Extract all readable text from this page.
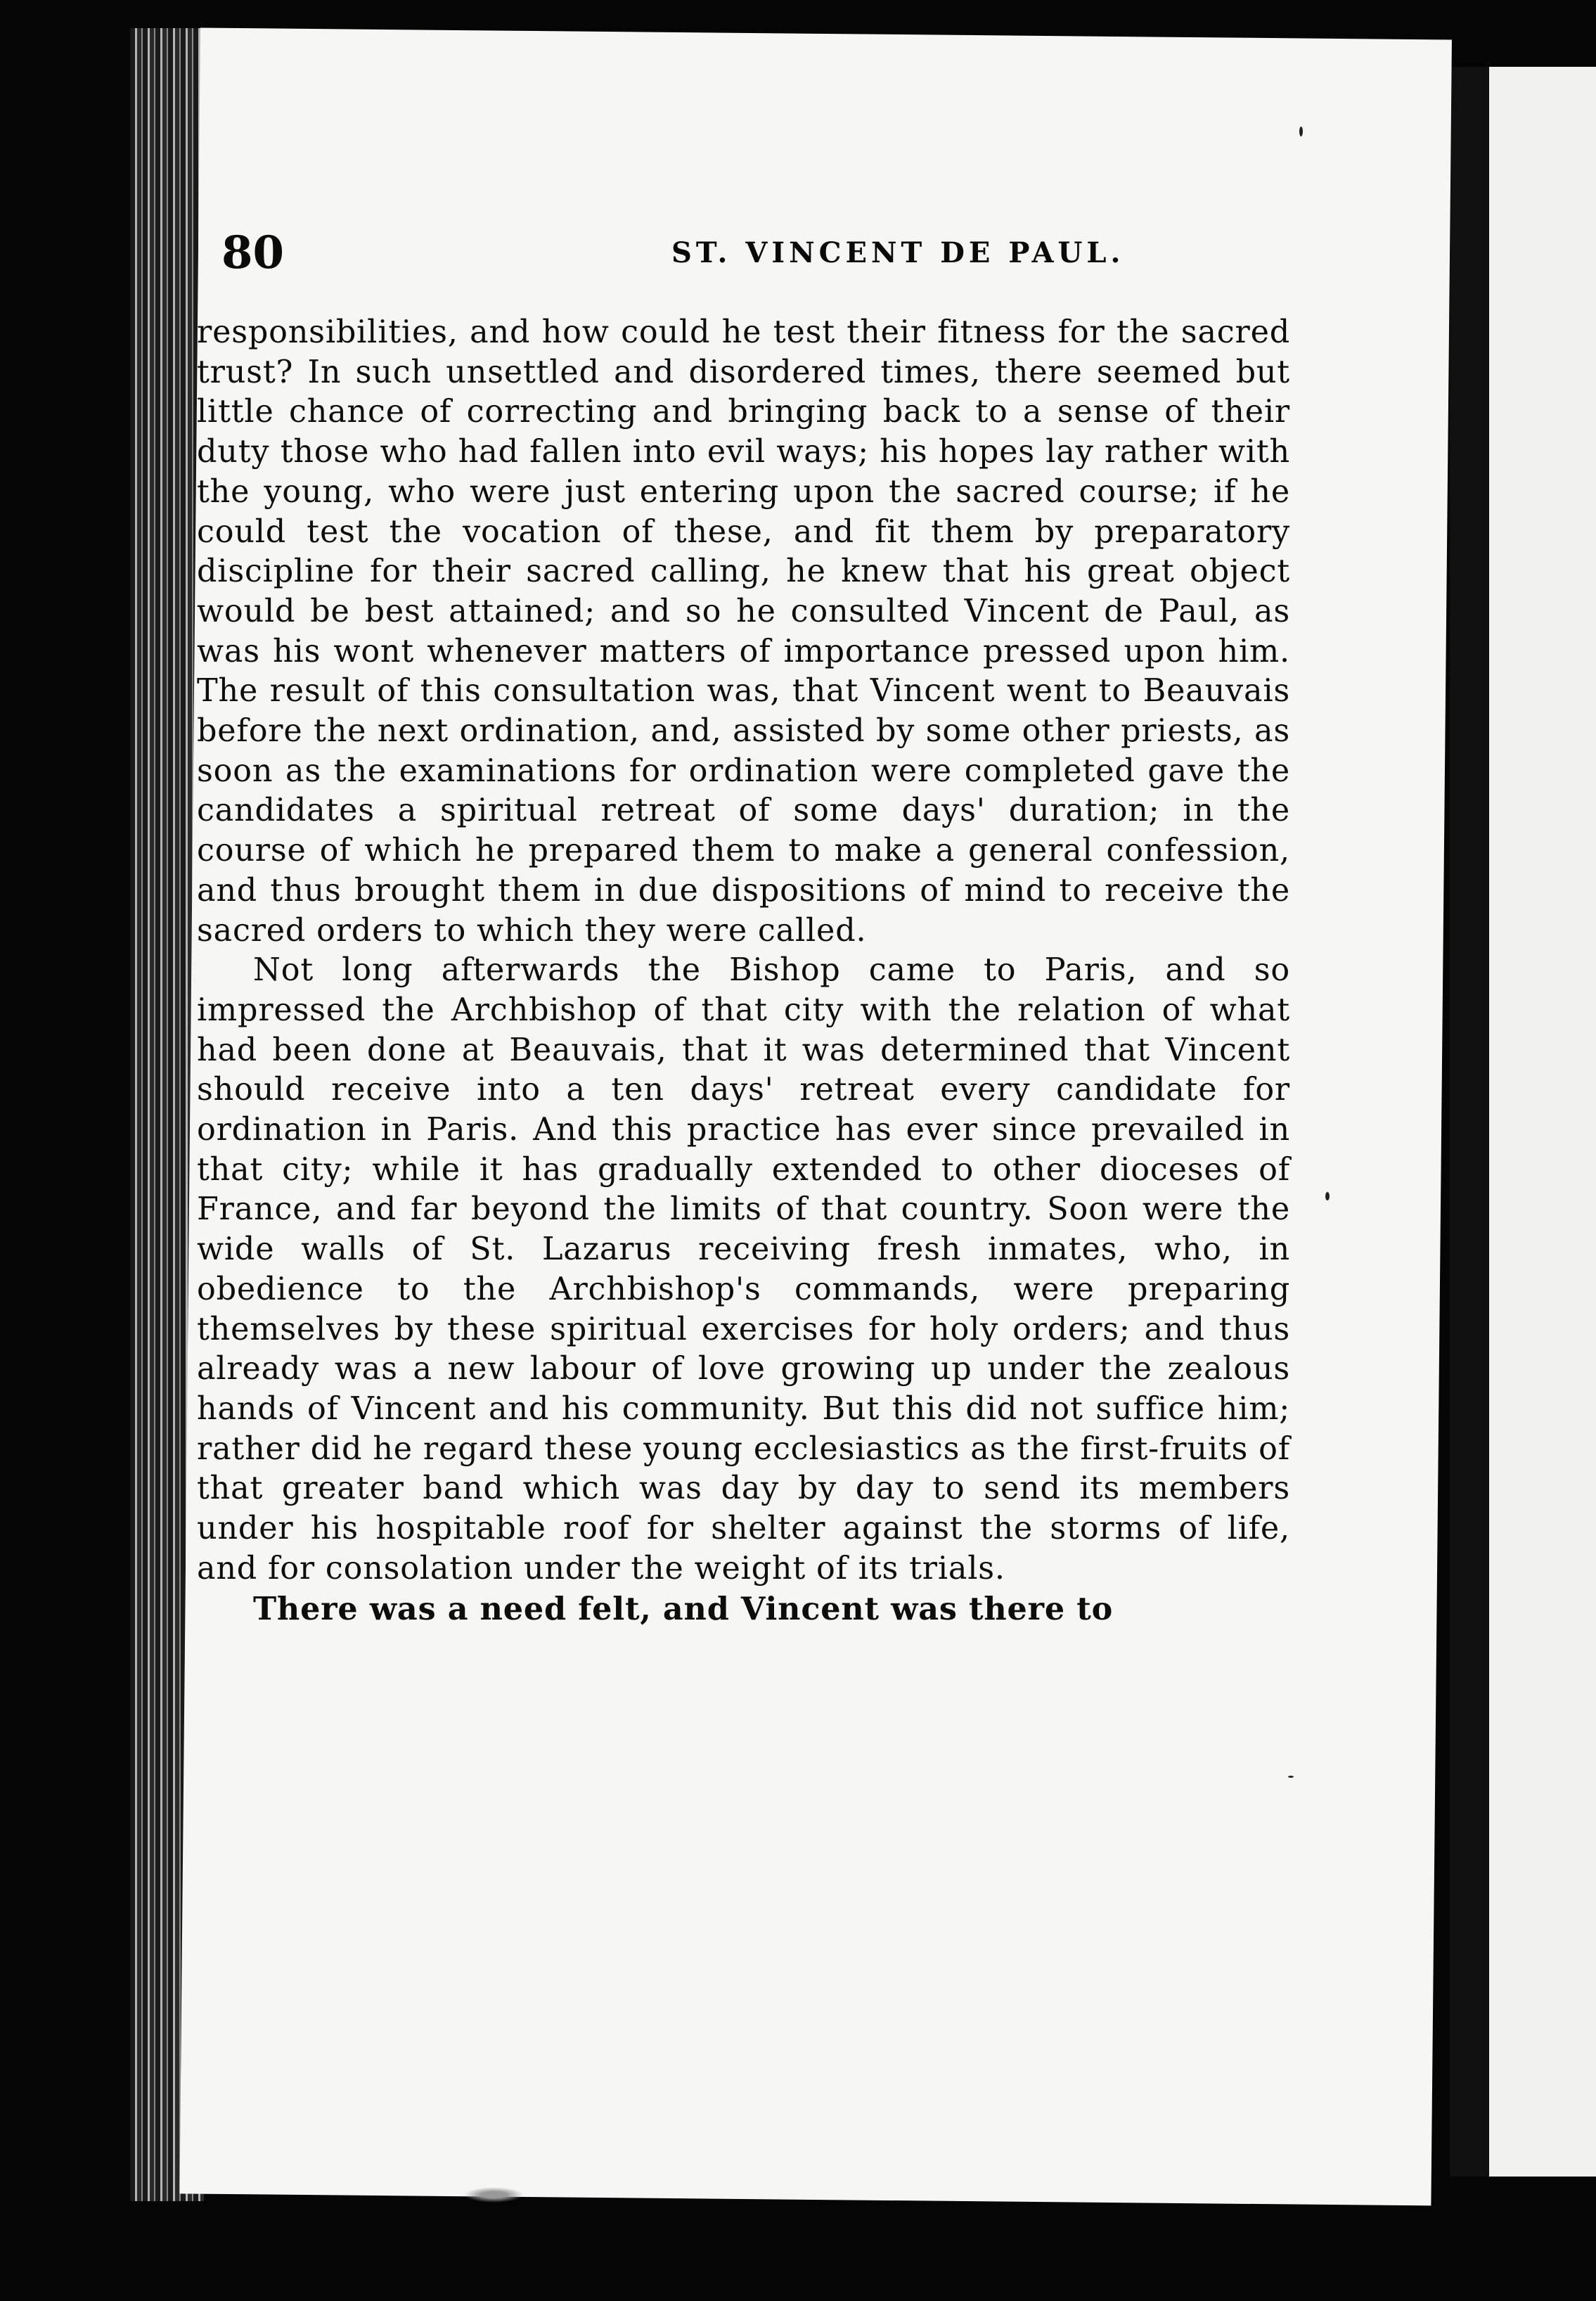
80	ST. VINCENT DE PAUL.

responsibilities, and how could he test their fitness for the sacred trust? In such unsettled and disordered times, there seemed but little chance of correcting and bringing back to a sense of their duty those who had fallen into evil ways; his hopes lay rather with the young, who were just entering upon the sacred course; if he could test the vocation of these, and fit them by preparatory discipline for their sacred calling, he knew that his great object would be best attained; and so he consulted Vincent de Paul, as was his wont whenever matters of importance pressed upon him. The result of this consultation was, that Vincent went to Beauvais before the next ordination, and, assisted by some other priests, as soon as the examinations for ordination were completed gave the candidates a spiritual retreat of some days' duration; in the course of which he prepared them to make a general confession, and thus brought them in due dispositions of mind to receive the sacred orders to which they were called.

Not long afterwards the Bishop came to Paris, and so impressed the Archbishop of that city with the relation of what had been done at Beauvais, that it was determined that Vincent should receive into a ten days' retreat every candidate for ordination in Paris. And this practice has ever since prevailed in that city; while it has gradually extended to other dioceses of France, and far beyond the limits of that country. Soon were the wide walls of St. Lazarus receiving fresh inmates, who, in obedience to the Archbishop's commands, were preparing themselves by these spiritual exercises for holy orders; and thus already was a new labour of love growing up under the zealous hands of Vincent and his community. But this did not suffice him; rather did he regard these young ecclesiastics as the first-fruits of that greater band which was day by day to send its members under his hospitable roof for shelter against the storms of life, and for consolation under the weight of its trials.

There was a need felt, and Vincent was there to
